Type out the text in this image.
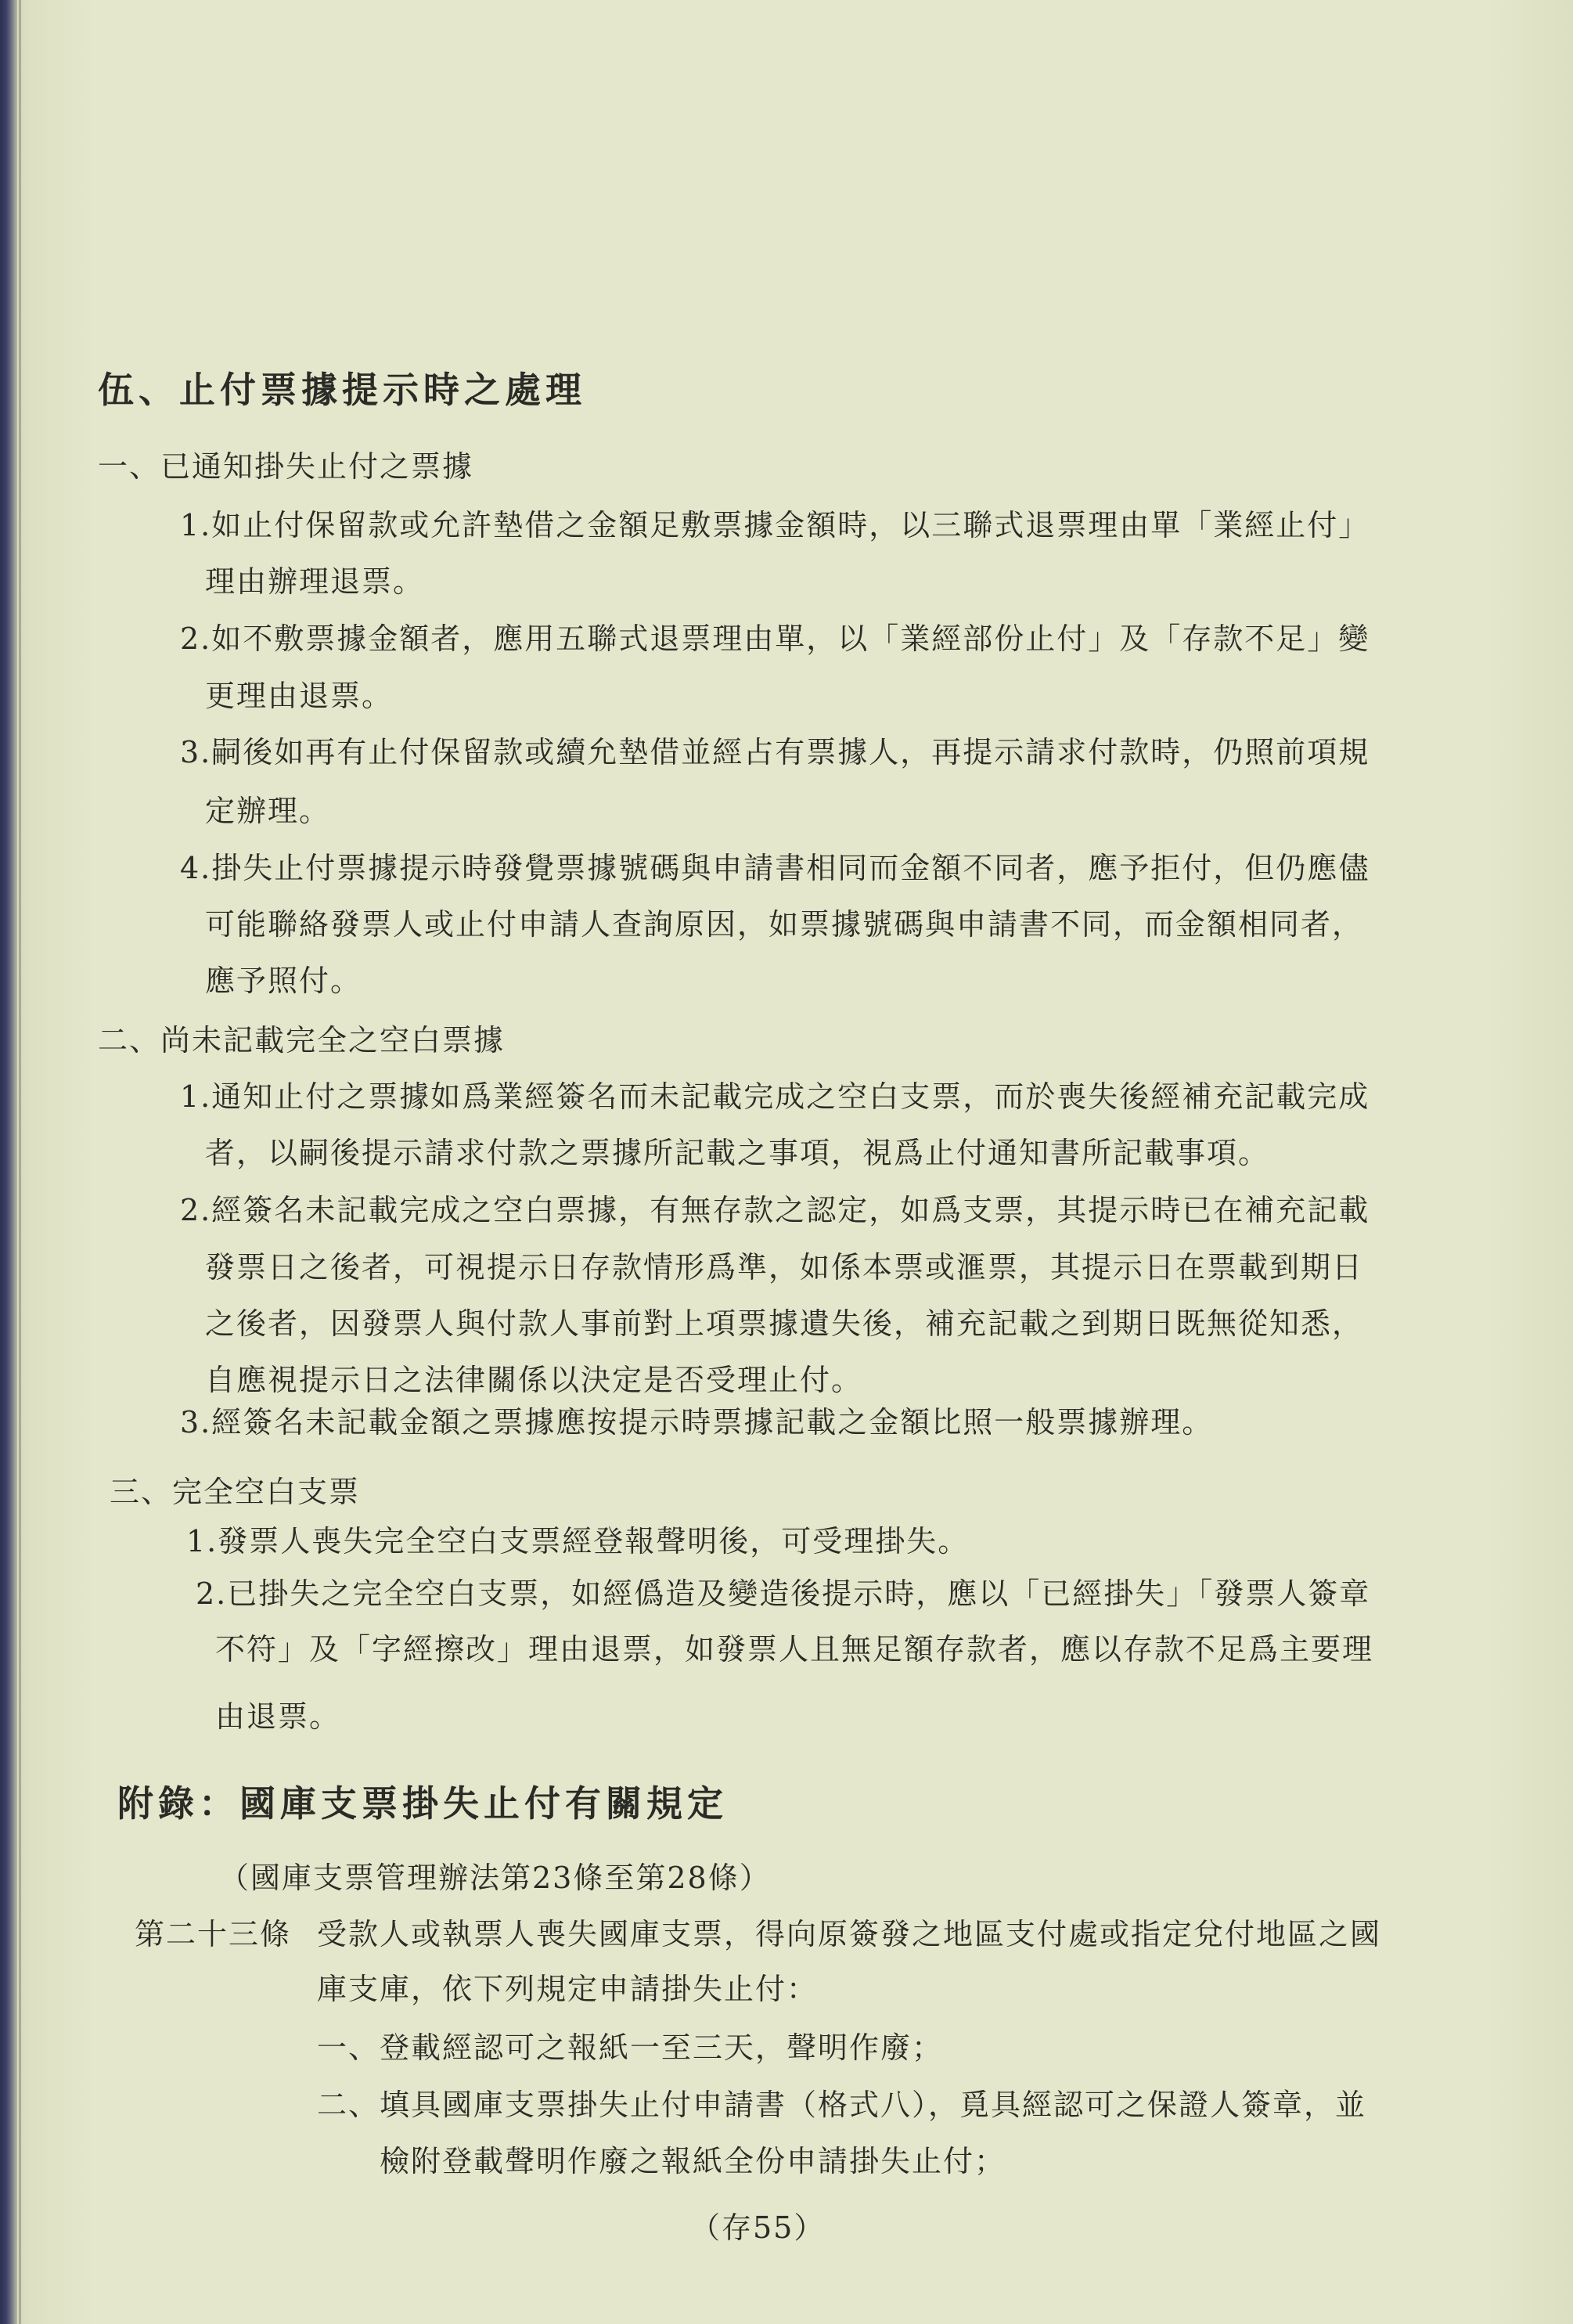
伍、止付票據提示時之處理
一、已通知掛失止付之票據
1.如止付保留款或允許墊借之金額足敷票據金額時，以三聯式退票理由單「業經止付」
理由辦理退票。
2.如不敷票據金額者，應用五聯式退票理由單，以「業經部份止付」及「存款不足」變
更理由退票。
3.嗣後如再有止付保留款或續允墊借並經占有票據人，再提示請求付款時，仍照前項規
定辦理。
4.掛失止付票據提示時發覺票據號碼與申請書相同而金額不同者，應予拒付，但仍應儘
可能聯絡發票人或止付申請人查詢原因，如票據號碼與申請書不同，而金額相同者，
應予照付。
二、尚未記載完全之空白票據
1.通知止付之票據如爲業經簽名而未記載完成之空白支票，而於喪失後經補充記載完成
者，以嗣後提示請求付款之票據所記載之事項，視爲止付通知書所記載事項。
2.經簽名未記載完成之空白票據，有無存款之認定，如爲支票，其提示時已在補充記載
發票日之後者，可視提示日存款情形爲準，如係本票或滙票，其提示日在票載到期日
之後者，因發票人與付款人事前對上項票據遺失後，補充記載之到期日既無從知悉，
自應視提示日之法律關係以決定是否受理止付。
3.經簽名未記載金額之票據應按提示時票據記載之金額比照一般票據辦理。
三、完全空白支票
1.發票人喪失完全空白支票經登報聲明後，可受理掛失。
2.已掛失之完全空白支票，如經僞造及變造後提示時，應以「已經掛失」「發票人簽章
不符」及「字經擦改」理由退票，如發票人且無足額存款者，應以存款不足爲主要理
由退票。
附錄：國庫支票掛失止付有關規定
（國庫支票管理辦法第23條至第28條）
第二十三條 受款人或執票人喪失國庫支票，得向原簽發之地區支付處或指定兌付地區之國
庫支庫，依下列規定申請掛失止付：
一、登載經認可之報紙一至三天，聲明作廢；
二、填具國庫支票掛失止付申請書（格式八），覓具經認可之保證人簽章，並
檢附登載聲明作廢之報紙全份申請掛失止付；
（存55）
